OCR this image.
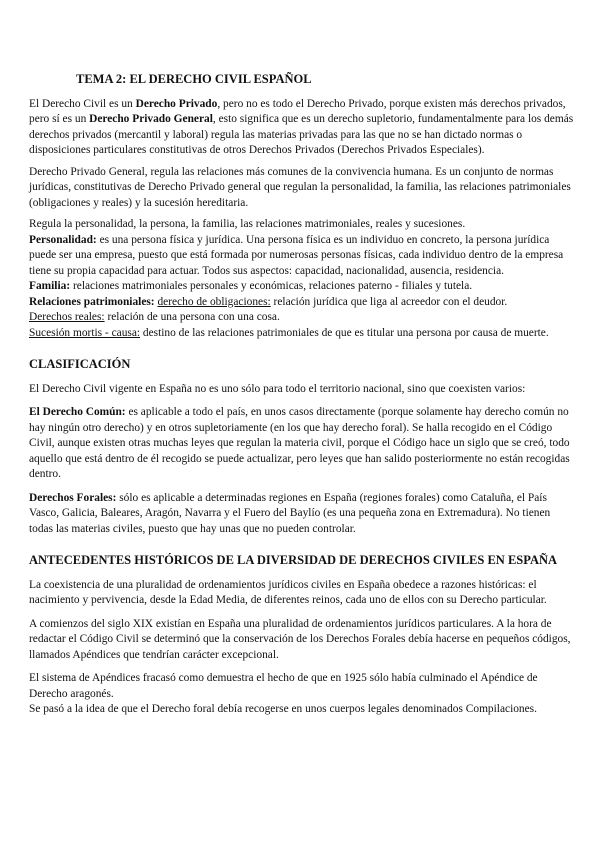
TEMA 2: EL DERECHO CIVIL ESPAÑOL

El Derecho Civil es un Derecho Privado, pero no es todo el Derecho Privado, porque existen más derechos privados, pero sí es un Derecho Privado General, esto significa que es un derecho supletorio, fundamentalmente para los demás derechos privados (mercantil y laboral) regula las materias privadas para las que no se han dictado normas o disposiciones particulares constitutivas de otros Derechos Privados (Derechos Privados Especiales).

Derecho Privado General, regula las relaciones más comunes de la convivencia humana. Es un conjunto de normas jurídicas, constitutivas de Derecho Privado general que regulan la personalidad, la familia, las relaciones patrimoniales (obligaciones y reales) y la sucesión hereditaria.

Regula la personalidad, la persona, la familia, las relaciones matrimoniales, reales y sucesiones.

Personalidad: es una persona física y jurídica. Una persona física es un individuo en concreto, la persona jurídica puede ser una empresa, puesto que está formada por numerosas personas físicas, cada individuo dentro de la empresa tiene su propia capacidad para actuar. Todos sus aspectos: capacidad, nacionalidad, ausencia, residencia.

Familia: relaciones matrimoniales personales y económicas, relaciones paterno - filiales y tutela.

Relaciones patrimoniales: derecho de obligaciones: relación jurídica que liga al acreedor con el deudor.

Derechos reales: relación de una persona con una cosa.

Sucesión mortis - causa: destino de las relaciones patrimoniales de que es titular una persona por causa de muerte.

CLASIFICACIÓN

El Derecho Civil vigente en España no es uno sólo para todo el territorio nacional, sino que coexisten varios:

El Derecho Común: es aplicable a todo el país, en unos casos directamente (porque solamente hay derecho común no hay ningún otro derecho) y en otros supletoriamente (en los que hay derecho foral). Se halla recogido en el Código Civil, aunque existen otras muchas leyes que regulan la materia civil, porque el Código hace un siglo que se creó, todo aquello que está dentro de él recogido se puede actualizar, pero leyes que han salido posteriormente no están recogidas dentro.

Derechos Forales: sólo es aplicable a determinadas regiones en España (regiones forales) como Cataluña, el País Vasco, Galicia, Baleares, Aragón, Navarra y el Fuero del Baylío (es una pequeña zona en Extremadura). No tienen todas las materias civiles, puesto que hay unas que no pueden controlar.

ANTECEDENTES HISTÓRICOS DE LA DIVERSIDAD DE DERECHOS CIVILES EN ESPAÑA

La coexistencia de una pluralidad de ordenamientos jurídicos civiles en España obedece a razones históricas: el nacimiento y pervivencia, desde la Edad Media, de diferentes reinos, cada uno de ellos con su Derecho particular.

A comienzos del siglo XIX existían en España una pluralidad de ordenamientos jurídicos particulares. A la hora de redactar el Código Civil se determinó que la conservación de los Derechos Forales debía hacerse en pequeños códigos, llamados Apéndices que tendrían carácter excepcional.

El sistema de Apéndices fracasó como demuestra el hecho de que en 1925 sólo había culminado el Apéndice de Derecho aragonés.

Se pasó a la idea de que el Derecho foral debía recogerse en unos cuerpos legales denominados Compilaciones.
